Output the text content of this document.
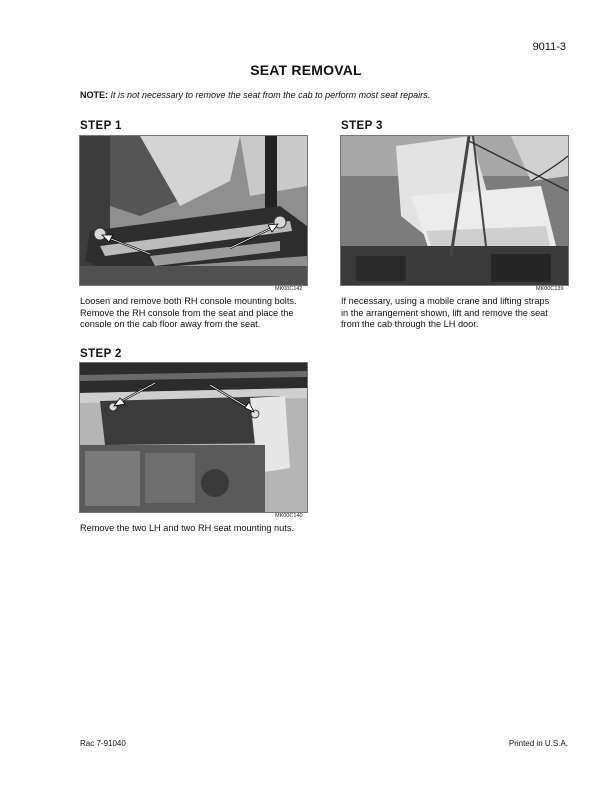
9011-3
SEAT REMOVAL
NOTE: It is not necessary to remove the seat from the cab to perform most seat repairs.
STEP 1
MK00C142
Loosen and remove both RH console mounting bolts.
Remove the RH console from the seat and place the
console on the cab floor away from the seat.
STEP 3
MK00C139
If necessary, using a mobile crane and lifting straps
in the arrangement shown, lift and remove the seat
from the cab through the LH door.
STEP 2
MK00C140
Remove the two LH and two RH seat mounting nuts.
Rac 7-91040	Printed in U.S.A.
